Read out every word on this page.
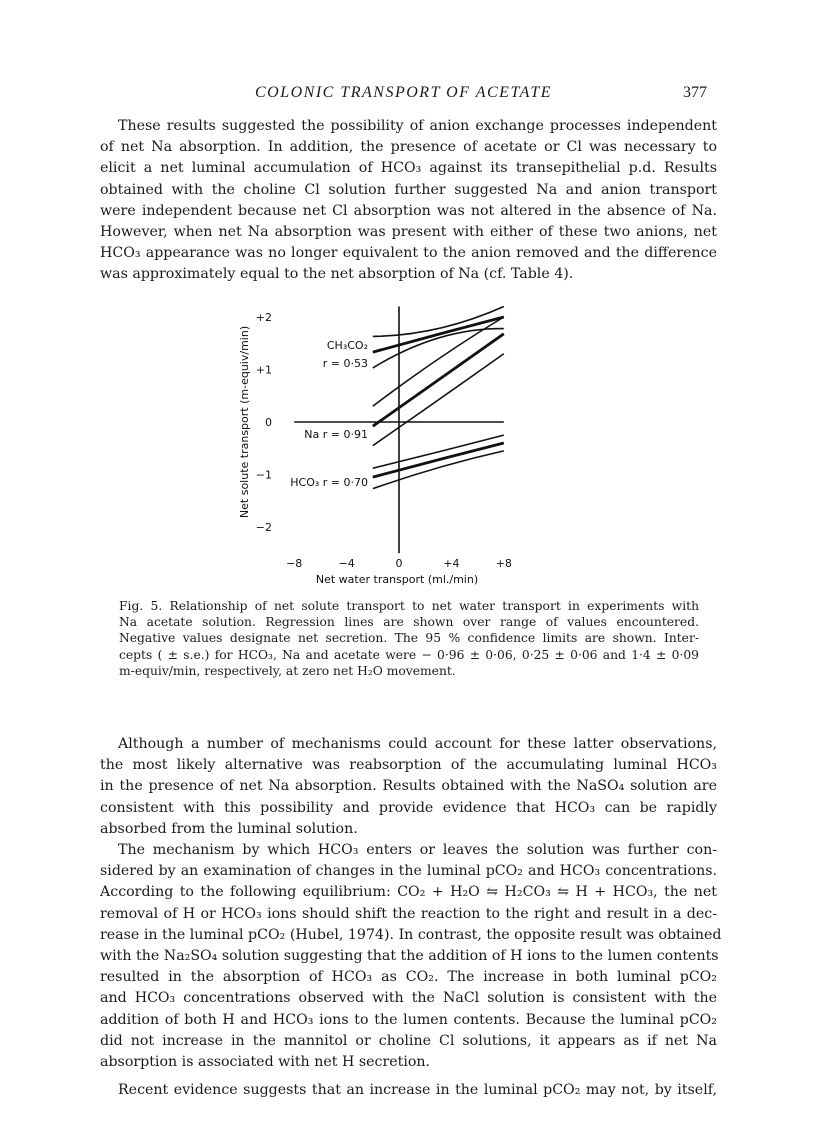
COLONIC TRANSPORT OF ACETATE	377
These results suggested the possibility of anion exchange processes independent
of net Na absorption. In addition, the presence of acetate or Cl was necessary to
elicit a net luminal accumulation of HCO₃ against its transepithelial p.d. Results
obtained with the choline Cl solution further suggested Na and anion transport
were independent because net Cl absorption was not altered in the absence of Na.
However, when net Na absorption was present with either of these two anions, net
HCO₃ appearance was no longer equivalent to the anion removed and the difference
was approximately equal to the net absorption of Na (cf. Table 4).
−8	−4	0	+4	+8
+2
+1
0
−1
−2
Net water transport (ml./min)
Net solute transport (m-equiv/min)	CH₃CO₂
r = 0·53
Na r = 0·91
HCO₃ r = 0·70
Fig. 5. Relationship of net solute transport to net water transport in experiments with
Na acetate solution. Regression lines are shown over range of values encountered.
Negative values designate net secretion. The 95 % confidence limits are shown. Inter-
cepts ( ± s.e.) for HCO₃, Na and acetate were − 0·96 ± 0·06, 0·25 ± 0·06 and 1·4 ± 0·09
m-equiv/min, respectively, at zero net H₂O movement.
Although a number of mechanisms could account for these latter observations,
the most likely alternative was reabsorption of the accumulating luminal HCO₃
in the presence of net Na absorption. Results obtained with the NaSO₄ solution are
consistent with this possibility and provide evidence that HCO₃ can be rapidly
absorbed from the luminal solution.
The mechanism by which HCO₃ enters or leaves the solution was further con-
sidered by an examination of changes in the luminal pCO₂ and HCO₃ concentrations.
According to the following equilibrium: CO₂ + H₂O ⇋ H₂CO₃ ⇋ H + HCO₃, the net
removal of H or HCO₃ ions should shift the reaction to the right and result in a dec-
rease in the luminal pCO₂ (Hubel, 1974). In contrast, the opposite result was obtained
with the Na₂SO₄ solution suggesting that the addition of H ions to the lumen contents
resulted in the absorption of HCO₃ as CO₂. The increase in both luminal pCO₂
and HCO₃ concentrations observed with the NaCl solution is consistent with the
addition of both H and HCO₃ ions to the lumen contents. Because the luminal pCO₂
did not increase in the mannitol or choline Cl solutions, it appears as if net Na
absorption is associated with net H secretion.
Recent evidence suggests that an increase in the luminal pCO₂ may not, by itself,
